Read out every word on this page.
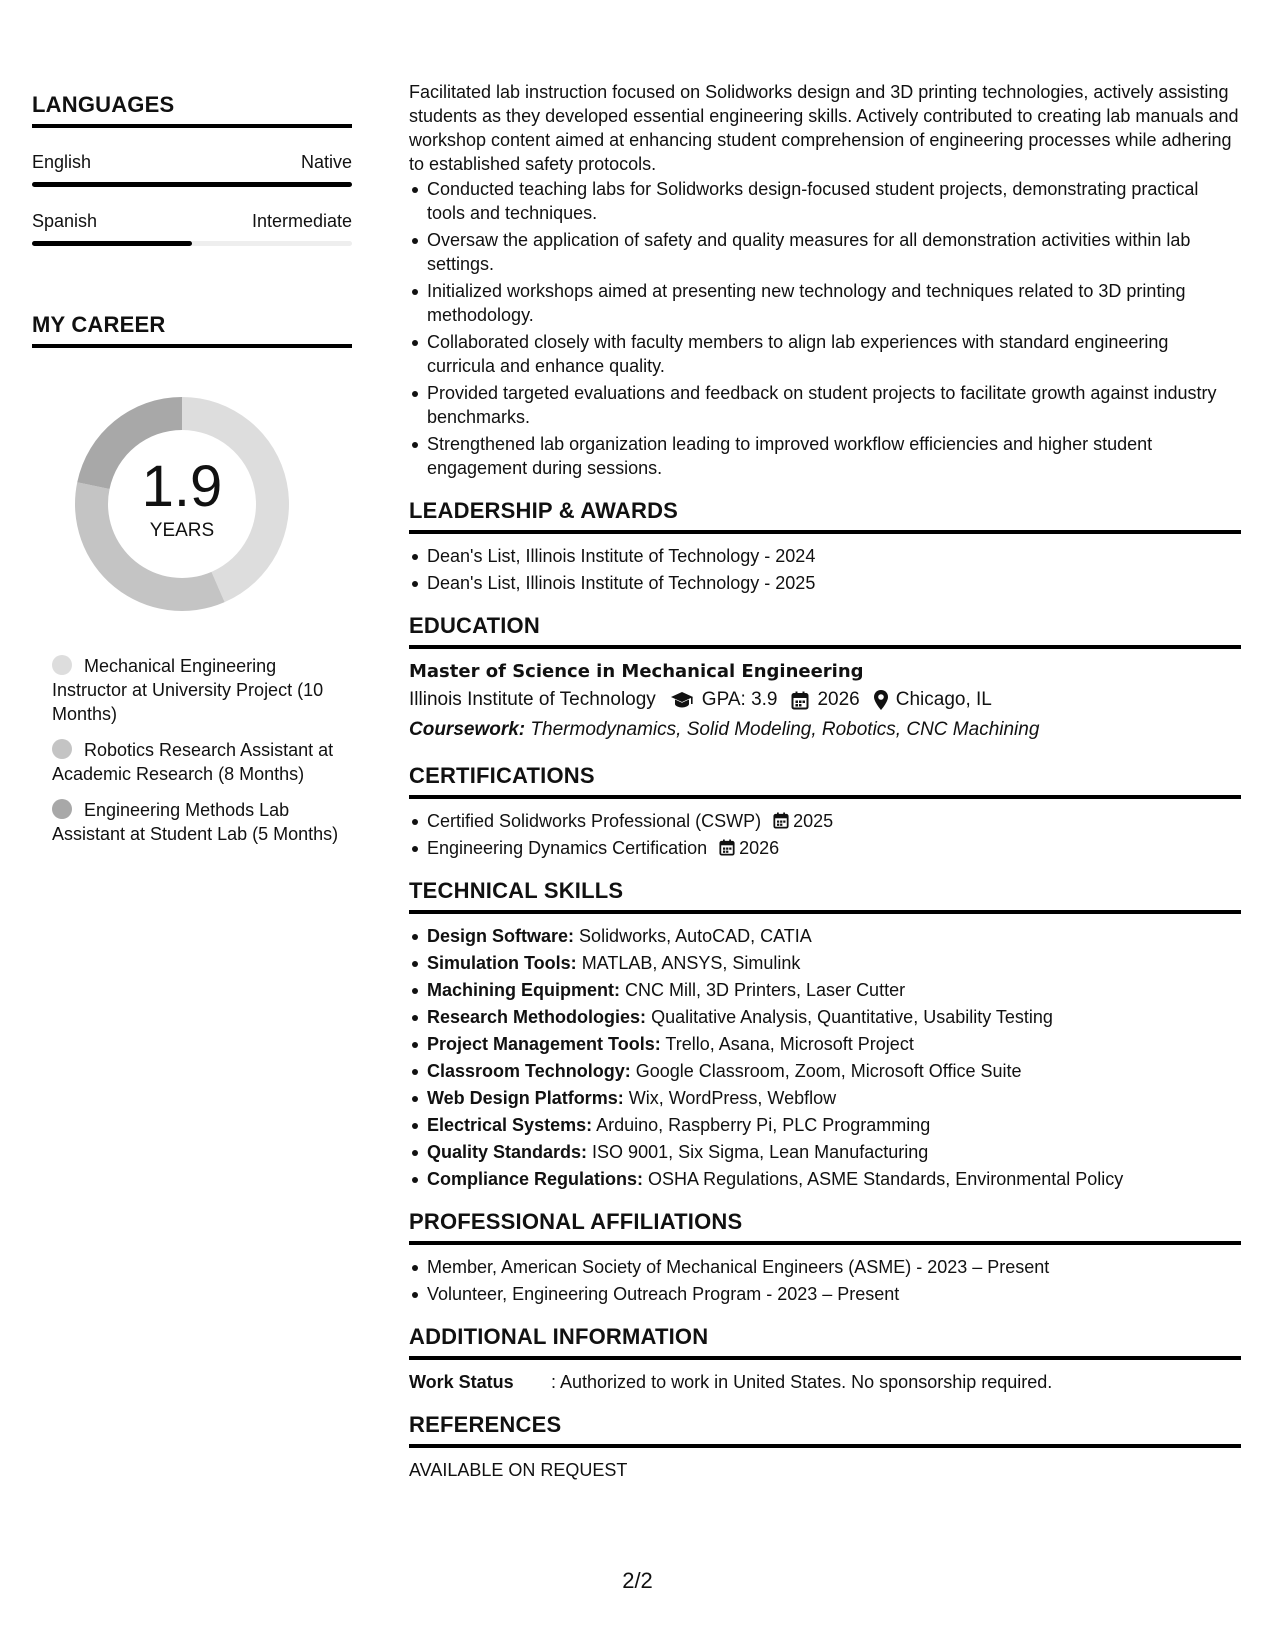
LANGUAGES
English	Native
Spanish	Intermediate
MY CAREER
1.9
YEARS
Mechanical Engineering Instructor at University Project (10 Months)
Robotics Research Assistant at Academic Research (8 Months)
Engineering Methods Lab Assistant at Student Lab (5 Months)
Facilitated lab instruction focused on Solidworks design and 3D printing technologies, actively assisting students as they developed essential engineering skills. Actively contributed to creating lab manuals and workshop content aimed at enhancing student comprehension of engineering processes while adhering to established safety protocols.
Conducted teaching labs for Solidworks design-focused student projects, demonstrating practical tools and techniques.
Oversaw the application of safety and quality measures for all demonstration activities within lab settings.
Initialized workshops aimed at presenting new technology and techniques related to 3D printing methodology.
Collaborated closely with faculty members to align lab experiences with standard engineering curricula and enhance quality.
Provided targeted evaluations and feedback on student projects to facilitate growth against industry benchmarks.
Strengthened lab organization leading to improved workflow efficiencies and higher student engagement during sessions.
LEADERSHIP & AWARDS
Dean's List, Illinois Institute of Technology - 2024
Dean's List, Illinois Institute of Technology - 2025
EDUCATION
Master of Science in Mechanical Engineering
Illinois Institute of Technology GPA: 3.9 2026 Chicago, IL
Coursework: Thermodynamics, Solid Modeling, Robotics, CNC Machining
CERTIFICATIONS
Certified Solidworks Professional (CSWP) 2025
Engineering Dynamics Certification 2026
TECHNICAL SKILLS
Design Software: Solidworks, AutoCAD, CATIA
Simulation Tools: MATLAB, ANSYS, Simulink
Machining Equipment: CNC Mill, 3D Printers, Laser Cutter
Research Methodologies: Qualitative Analysis, Quantitative, Usability Testing
Project Management Tools: Trello, Asana, Microsoft Project
Classroom Technology: Google Classroom, Zoom, Microsoft Office Suite
Web Design Platforms: Wix, WordPress, Webflow
Electrical Systems: Arduino, Raspberry Pi, PLC Programming
Quality Standards: ISO 9001, Six Sigma, Lean Manufacturing
Compliance Regulations: OSHA Regulations, ASME Standards, Environmental Policy
PROFESSIONAL AFFILIATIONS
Member, American Society of Mechanical Engineers (ASME) - 2023 – Present
Volunteer, Engineering Outreach Program - 2023 – Present
ADDITIONAL INFORMATION
Work Status	: Authorized to work in United States. No sponsorship required.
REFERENCES
AVAILABLE ON REQUEST
2/2
